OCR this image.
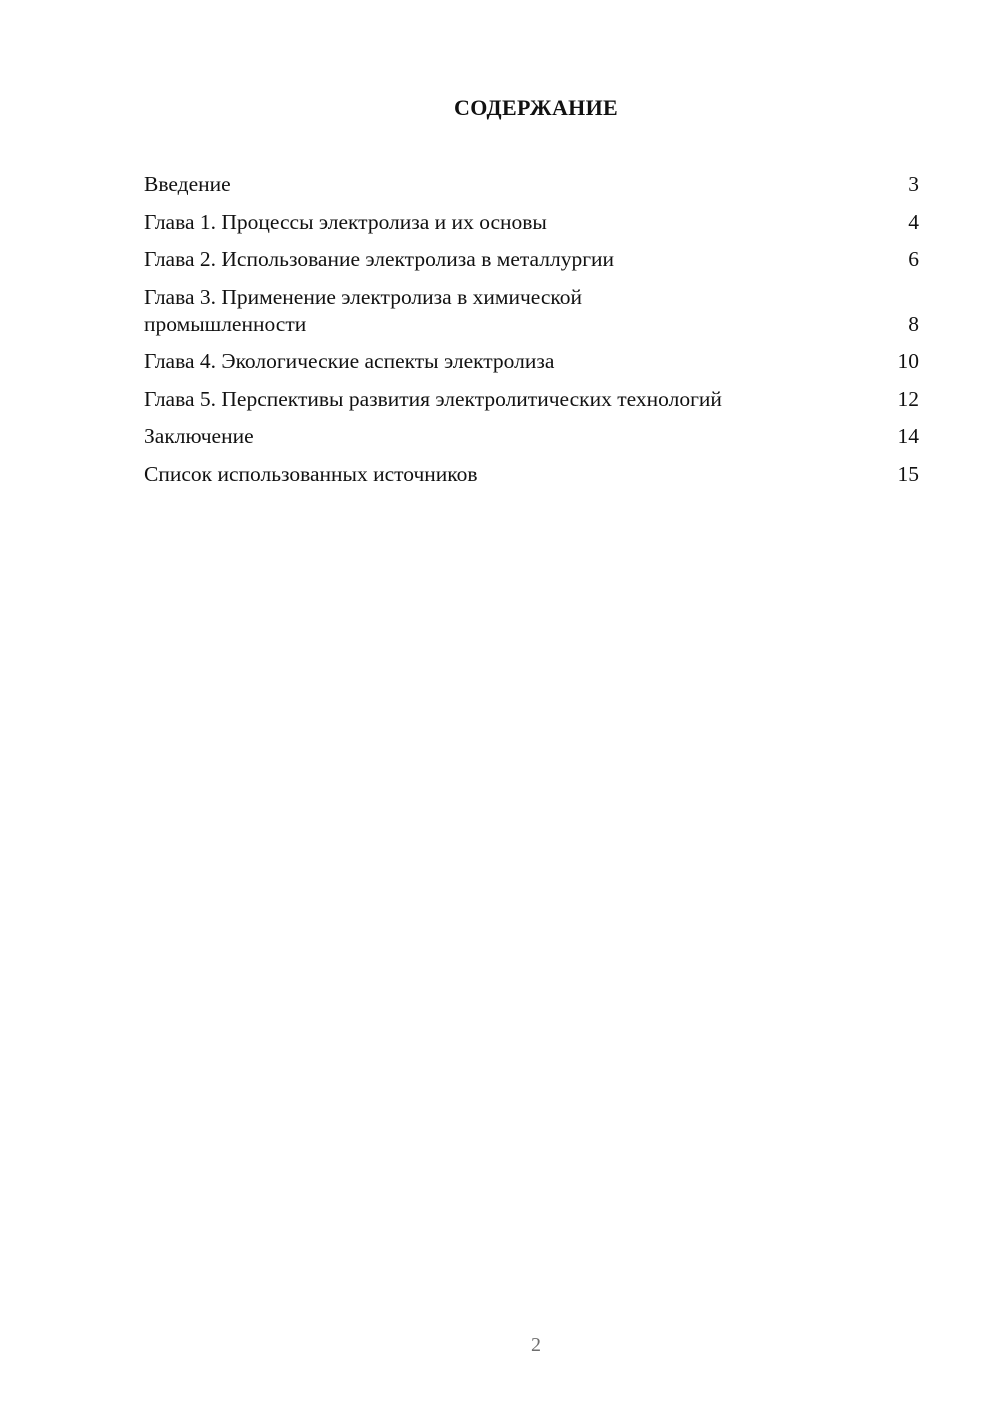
СОДЕРЖАНИЕ
Введение	3
Глава 1. Процессы электролиза и их основы	4
Глава 2. Использование электролиза в металлургии	6
Глава 3. Применение электролиза в химической промышленности	8
Глава 4. Экологические аспекты электролиза	10
Глава 5. Перспективы развития электролитических технологий	12
Заключение	14
Список использованных источников	15
2
